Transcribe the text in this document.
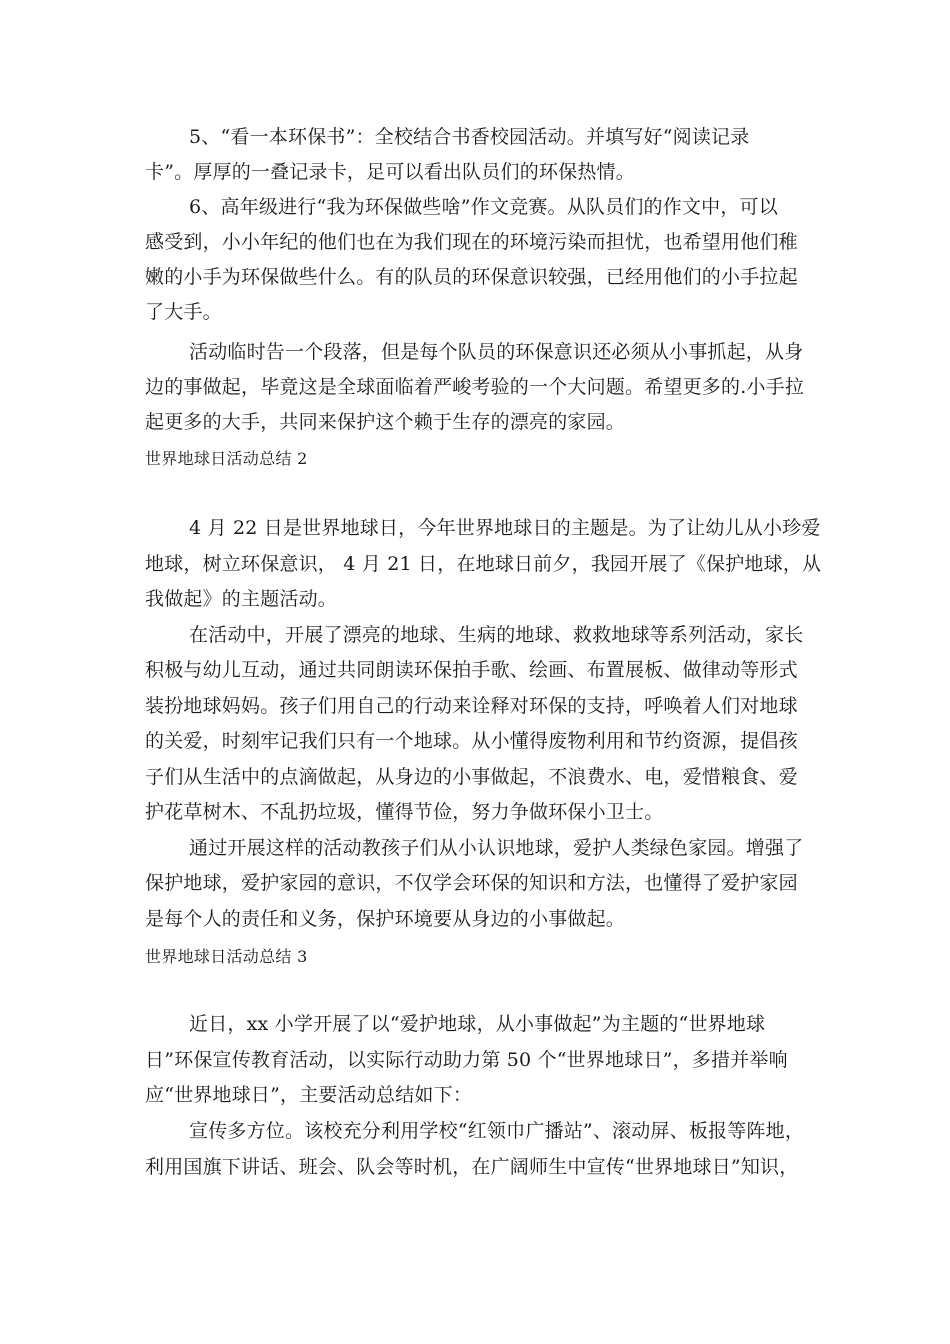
5、“看一本环保书”：全校结合书香校园活动。并填写好“阅读记录
卡”。厚厚的一叠记录卡，足可以看出队员们的环保热情。
6、高年级进行“我为环保做些啥”作文竞赛。从队员们的作文中，可以
感受到，小小年纪的他们也在为我们现在的环境污染而担忧，也希望用他们稚
嫩的小手为环保做些什么。有的队员的环保意识较强，已经用他们的小手拉起
了大手。
活动临时告一个段落，但是每个队员的环保意识还必须从小事抓起，从身
边的事做起，毕竟这是全球面临着严峻考验的一个大问题。希望更多的.小手拉
起更多的大手，共同来保护这个赖于生存的漂亮的家园。
世界地球日活动总结 2
4 月 22 日是世界地球日，今年世界地球日的主题是。为了让幼儿从小珍爱
地球，树立环保意识， 4 月 21 日，在地球日前夕，我园开展了《保护地球，从
我做起》的主题活动。
在活动中，开展了漂亮的地球、生病的地球、救救地球等系列活动，家长
积极与幼儿互动，通过共同朗读环保拍手歌、绘画、布置展板、做律动等形式
装扮地球妈妈。孩子们用自己的行动来诠释对环保的支持，呼唤着人们对地球
的关爱，时刻牢记我们只有一个地球。从小懂得废物利用和节约资源，提倡孩
子们从生活中的点滴做起，从身边的小事做起，不浪费水、电，爱惜粮食、爱
护花草树木、不乱扔垃圾，懂得节俭，努力争做环保小卫士。
通过开展这样的活动教孩子们从小认识地球，爱护人类绿色家园。增强了
保护地球，爱护家园的意识，不仅学会环保的知识和方法，也懂得了爱护家园
是每个人的责任和义务，保护环境要从身边的小事做起。
世界地球日活动总结 3
近日，xx 小学开展了以“爱护地球，从小事做起”为主题的“世界地球
日”环保宣传教育活动，以实际行动助力第 50 个“世界地球日”，多措并举响
应“世界地球日”，主要活动总结如下：
宣传多方位。该校充分利用学校“红领巾广播站”、滚动屏、板报等阵地，
利用国旗下讲话、班会、队会等时机，在广阔师生中宣传“世界地球日”知识，
